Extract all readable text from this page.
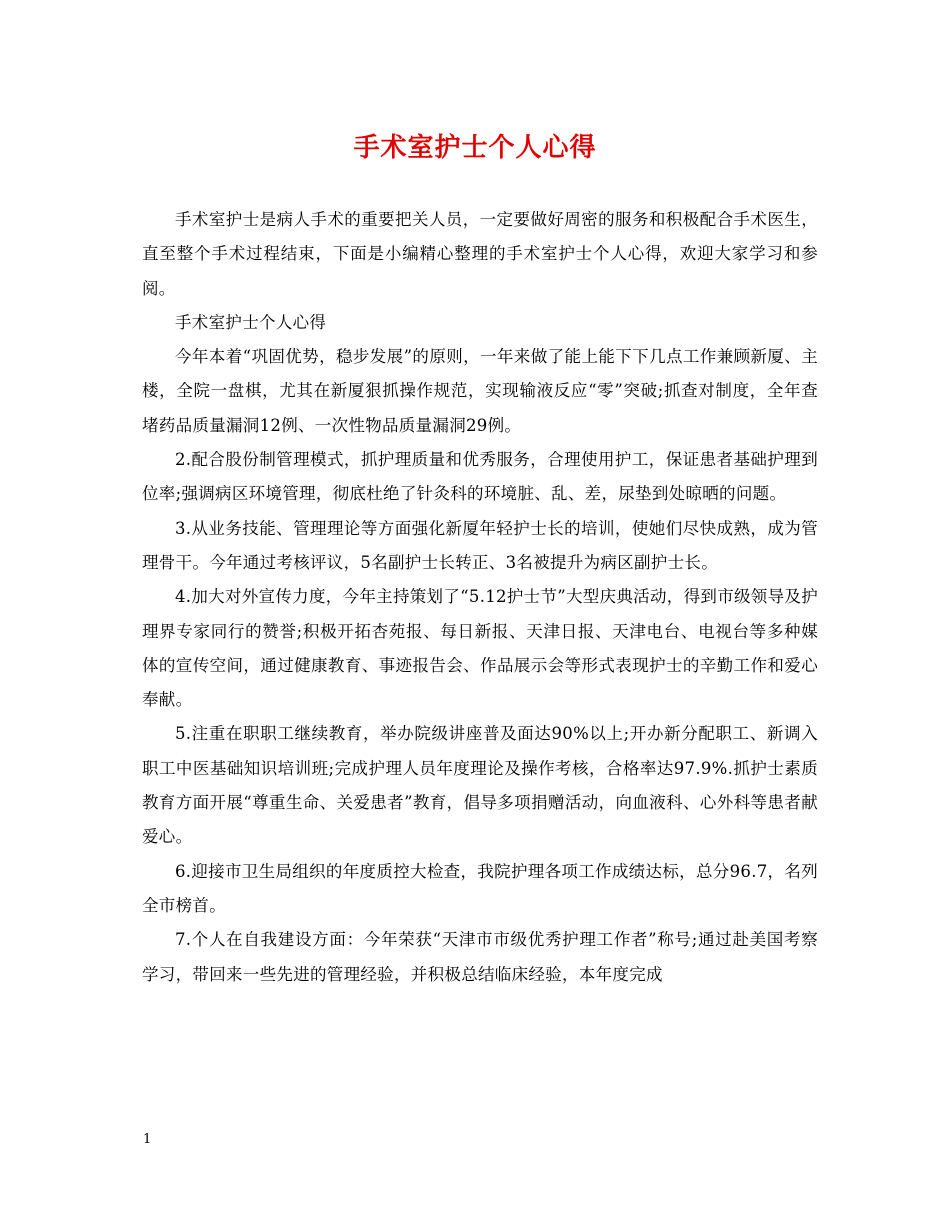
手术室护士个人心得

手术室护士是病人手术的重要把关人员，一定要做好周密的服务和积极配合手术医生，直至整个手术过程结束，下面是小编精心整理的手术室护士个人心得，欢迎大家学习和参阅。

手术室护士个人心得

今年本着“巩固优势，稳步发展”的原则，一年来做了能上能下下几点工作兼顾新厦、主楼，全院一盘棋，尤其在新厦狠抓操作规范，实现输液反应“零”突破;抓查对制度，全年查堵药品质量漏洞12例、一次性物品质量漏洞29例。

2.配合股份制管理模式，抓护理质量和优秀服务，合理使用护工，保证患者基础护理到位率;强调病区环境管理，彻底杜绝了针灸科的环境脏、乱、差，尿垫到处晾晒的问题。

3.从业务技能、管理理论等方面强化新厦年轻护士长的培训，使她们尽快成熟，成为管理骨干。今年通过考核评议，5名副护士长转正、3名被提升为病区副护士长。

4.加大对外宣传力度，今年主持策划了“5.12护士节”大型庆典活动，得到市级领导及护理界专家同行的赞誉;积极开拓杏苑报、每日新报、天津日报、天津电台、电视台等多种媒体的宣传空间，通过健康教育、事迹报告会、作品展示会等形式表现护士的辛勤工作和爱心奉献。

5.注重在职职工继续教育，举办院级讲座普及面达90%以上;开办新分配职工、新调入职工中医基础知识培训班;完成护理人员年度理论及操作考核，合格率达97.9%.抓护士素质教育方面开展“尊重生命、关爱患者”教育，倡导多项捐赠活动，向血液科、心外科等患者献爱心。

6.迎接市卫生局组织的年度质控大检查，我院护理各项工作成绩达标，总分96.7，名列全市榜首。

7.个人在自我建设方面：今年荣获“天津市市级优秀护理工作者”称号;通过赴美国考察学习，带回来一些先进的管理经验，并积极总结临床经验，本年度完成

1
